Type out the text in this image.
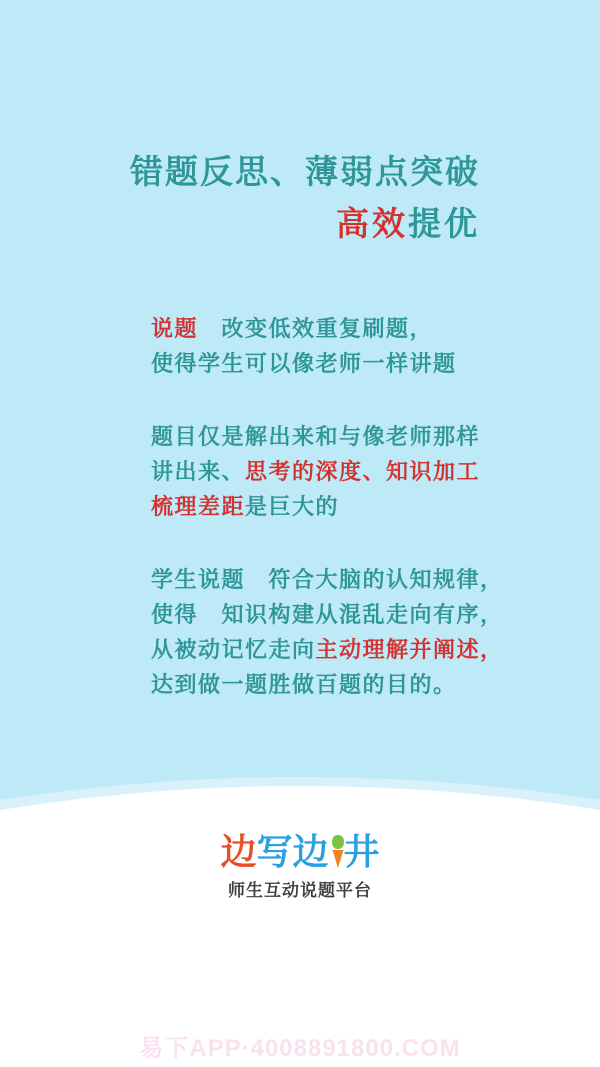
错题反思、薄弱点突破
高效提优
说题　改变低效重复刷题，
使得学生可以像老师一样讲题
题目仅是解出来和与像老师那样
讲出来、思考的深度、知识加工
梳理差距是巨大的
学生说题　符合大脑的认知规律，
使得　知识构建从混乱走向有序，
从被动记忆走向主动理解并阐述，
达到做一题胜做百题的目的。
边 写 边 井
师生互动说题平台
易下APP·4008891800.COM
